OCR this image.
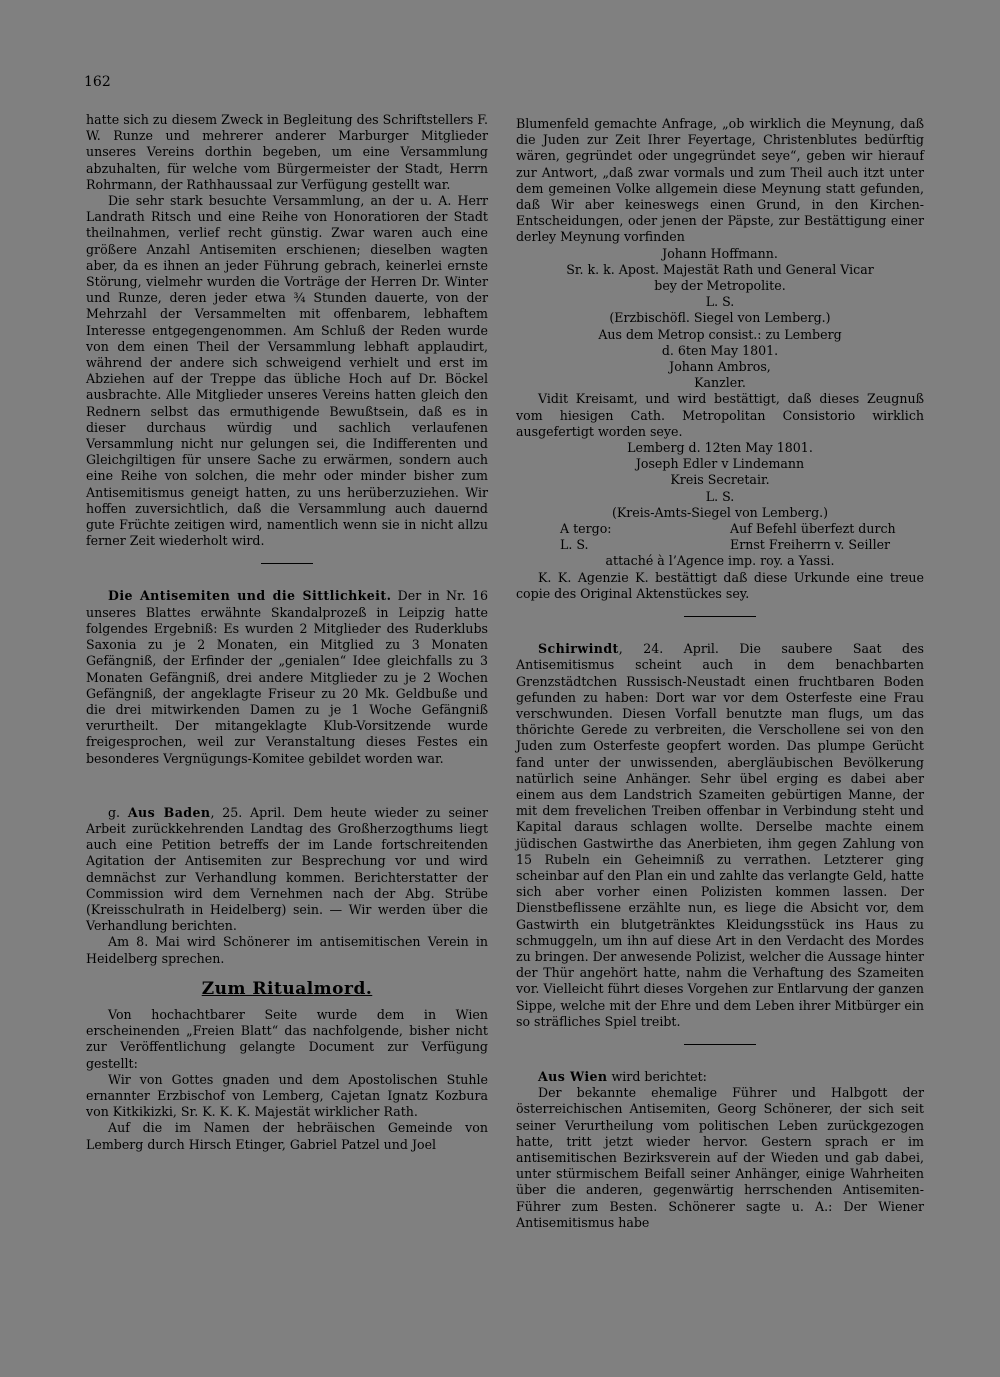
162

hatte sich zu diesem Zweck in Begleitung des Schriftstellers F. W. Runze und mehrerer anderer Marburger Mitglieder unseres Vereins dorthin begeben, um eine Versammlung abzuhalten, für welche vom Bürgermeister der Stadt, Herrn Rohrmann, der Rathhaussaal zur Verfügung gestellt war.

Die sehr stark besuchte Versammlung, an der u. A. Herr Landrath Ritsch und eine Reihe von Honoratioren der Stadt theilnahmen, verlief recht günstig. Zwar waren auch eine größere Anzahl Antisemiten erschienen; dieselben wagten aber, da es ihnen an jeder Führung gebrach, keinerlei ernste Störung, vielmehr wurden die Vorträge der Herren Dr. Winter und Runze, deren jeder etwa ¾ Stunden dauerte, von der Mehrzahl der Versammelten mit offenbarem, lebhaftem Interesse entgegengenommen. Am Schluß der Reden wurde von dem einen Theil der Versammlung lebhaft applaudirt, während der andere sich schweigend verhielt und erst im Abziehen auf der Treppe das übliche Hoch auf Dr. Böckel ausbrachte. Alle Mitglieder unseres Vereins hatten gleich den Rednern selbst das ermuthigende Bewußtsein, daß es in dieser durchaus würdig und sachlich verlaufenen Versammlung nicht nur gelungen sei, die Indifferenten und Gleichgiltigen für unsere Sache zu erwärmen, sondern auch eine Reihe von solchen, die mehr oder minder bisher zum Antisemitismus geneigt hatten, zu uns herüberzuziehen. Wir hoffen zuversichtlich, daß die Versammlung auch dauernd gute Früchte zeitigen wird, namentlich wenn sie in nicht allzu ferner Zeit wiederholt wird.

Die Antisemiten und die Sittlichkeit. Der in Nr. 16 unseres Blattes erwähnte Skandalprozeß in Leipzig hatte folgendes Ergebniß: Es wurden 2 Mitglieder des Ruderklubs Saxonia zu je 2 Monaten, ein Mitglied zu 3 Monaten Gefängniß, der Erfinder der „genialen“ Idee gleichfalls zu 3 Monaten Gefängniß, drei andere Mitglieder zu je 2 Wochen Gefängniß, der angeklagte Friseur zu 20 Mk. Geldbuße und die drei mitwirkenden Damen zu je 1 Woche Gefängniß verurtheilt. Der mitangeklagte Klub-Vorsitzende wurde freigesprochen, weil zur Veranstaltung dieses Festes ein besonderes Vergnügungs-Komitee gebildet worden war.

g. Aus Baden, 25. April. Dem heute wieder zu seiner Arbeit zurückkehrenden Landtag des Großherzogthums liegt auch eine Petition betreffs der im Lande fortschreitenden Agitation der Antisemiten zur Besprechung vor und wird demnächst zur Verhandlung kommen. Berichterstatter der Commission wird dem Vernehmen nach der Abg. Strübe (Kreisschulrath in Heidelberg) sein. — Wir werden über die Verhandlung berichten.

Am 8. Mai wird Schönerer im antisemitischen Verein in Heidelberg sprechen.

Zum Ritualmord.

Von hochachtbarer Seite wurde dem in Wien erscheinenden „Freien Blatt“ das nachfolgende, bisher nicht zur Veröffentlichung gelangte Document zur Verfügung gestellt:

Wir von Gottes gnaden und dem Apostolischen Stuhle ernannter Erzbischof von Lemberg, Cajetan Ignatz Kozbura von Kitkikizki, Sr. K. K. K. Majestät wirklicher Rath.

Auf die im Namen der hebräischen Gemeinde von Lemberg durch Hirsch Etinger, Gabriel Patzel und Joel

Blumenfeld gemachte Anfrage, „ob wirklich die Meynung, daß die Juden zur Zeit Ihrer Feyertage, Christenblutes bedürftig wären, gegründet oder ungegründet seye“, geben wir hierauf zur Antwort, „daß zwar vormals und zum Theil auch itzt unter dem gemeinen Volke allgemein diese Meynung statt gefunden, daß Wir aber keineswegs einen Grund, in den Kirchen-Entscheidungen, oder jenen der Päpste, zur Bestättigung einer derley Meynung vorfinden

Johann Hoffmann.

Sr. k. k. Apost. Majestät Rath und General Vicar

bey der Metropolite.

L. S.

(Erzbischöfl. Siegel von Lemberg.)

Aus dem Metrop consist.: zu Lemberg

d. 6ten May 1801.

Johann Ambros,

Kanzler.

Vidit Kreisamt, und wird bestättigt, daß dieses Zeugnuß vom hiesigen Cath. Metropolitan Consistorio wirklich ausgefertigt worden seye.

Lemberg d. 12ten May 1801.

Joseph Edler v Lindemann

Kreis Secretair.

L. S.

(Kreis-Amts-Siegel von Lemberg.)

A tergo:	Auf Befehl überfezt durch
L. S.	Ernst Freiherrn v. Seiller

attaché à l’Agence imp. roy. a Yassi.

K. K. Agenzie K. bestättigt daß diese Urkunde eine treue copie des Original Aktenstückes sey.

Schirwindt, 24. April. Die saubere Saat des Antisemitismus scheint auch in dem benachbarten Grenzstädtchen Russisch-Neustadt einen fruchtbaren Boden gefunden zu haben: Dort war vor dem Osterfeste eine Frau verschwunden. Diesen Vorfall benutzte man flugs, um das thörichte Gerede zu verbreiten, die Verschollene sei von den Juden zum Osterfeste geopfert worden. Das plumpe Gerücht fand unter der unwissenden, abergläubischen Bevölkerung natürlich seine Anhänger. Sehr übel erging es dabei aber einem aus dem Landstrich Szameiten gebürtigen Manne, der mit dem frevelichen Treiben offenbar in Verbindung steht und Kapital daraus schlagen wollte. Derselbe machte einem jüdischen Gastwirthe das Anerbieten, ihm gegen Zahlung von 15 Rubeln ein Geheimniß zu verrathen. Letzterer ging scheinbar auf den Plan ein und zahlte das verlangte Geld, hatte sich aber vorher einen Polizisten kommen lassen. Der Dienstbeflissene erzählte nun, es liege die Absicht vor, dem Gastwirth ein blutgetränktes Kleidungsstück ins Haus zu schmuggeln, um ihn auf diese Art in den Verdacht des Mordes zu bringen. Der anwesende Polizist, welcher die Aussage hinter der Thür angehört hatte, nahm die Verhaftung des Szameiten vor. Vielleicht führt dieses Vorgehen zur Entlarvung der ganzen Sippe, welche mit der Ehre und dem Leben ihrer Mitbürger ein so sträfliches Spiel treibt.

Aus Wien wird berichtet:

Der bekannte ehemalige Führer und Halbgott der österreichischen Antisemiten, Georg Schönerer, der sich seit seiner Verurtheilung vom politischen Leben zurückgezogen hatte, tritt jetzt wieder hervor. Gestern sprach er im antisemitischen Bezirksverein auf der Wieden und gab dabei, unter stürmischem Beifall seiner Anhänger, einige Wahrheiten über die anderen, gegenwärtig herrschenden Antisemiten-Führer zum Besten. Schönerer sagte u. A.: Der Wiener Antisemitismus habe
